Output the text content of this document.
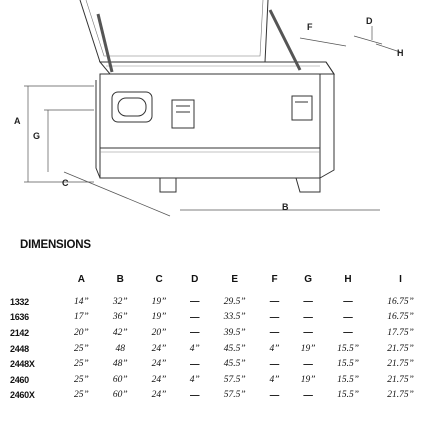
A
G
C
B
F
D
H
DIMENSIONS
	A	B	C	D	E	F	G	H	I
1332	14”	32”	19”	—	29.5”	—	—	—	16.75”
1636	17”	36”	19”	—	33.5”	—	—	—	16.75”
2142	20”	42”	20”	—	39.5”	—	—	—	17.75”
2448	25”	48	24”	4”	45.5”	4”	19”	15.5”	21.75”
2448X	25”	48”	24”	—	45.5”	—	—	15.5”	21.75”
2460	25”	60”	24”	4”	57.5”	4”	19”	15.5”	21.75”
2460X	25”	60”	24”	—	57.5”	—	—	15.5”	21.75”
